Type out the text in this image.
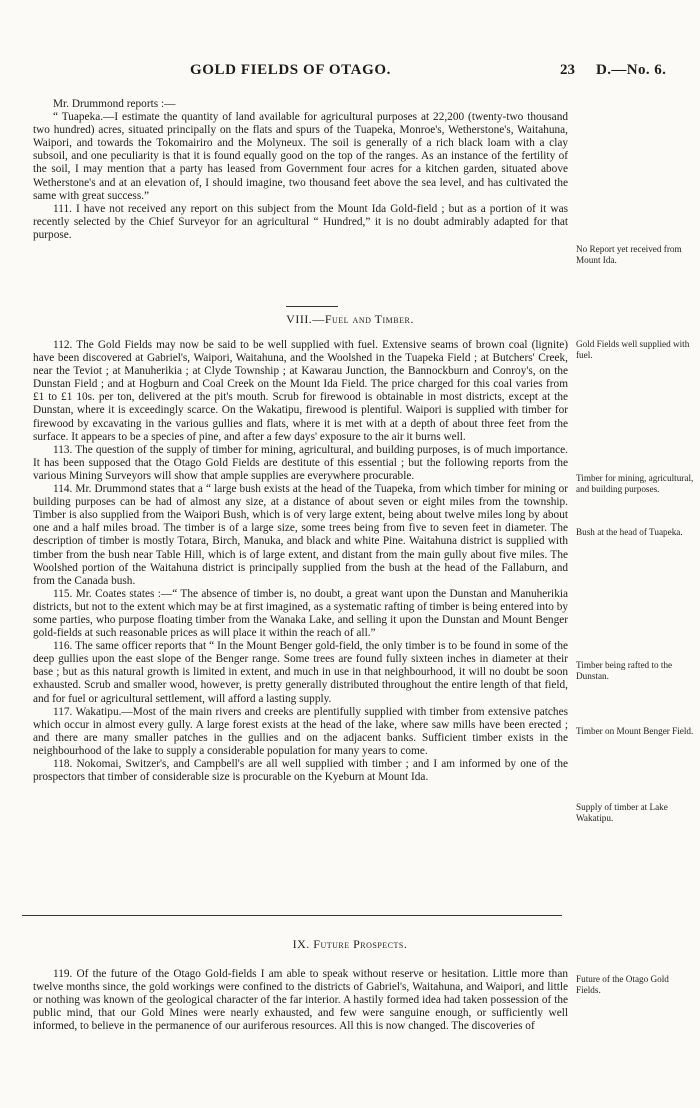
GOLD FIELDS OF OTAGO.	23 D.—No. 6.

Mr. Drummond reports :—

“ Tuapeka.—I estimate the quantity of land available for agricultural purposes at 22,200 (twenty-two thousand two hundred) acres, situated principally on the flats and spurs of the Tuapeka, Monroe's, Wetherstone's, Waitahuna, Waipori, and towards the Tokomairiro and the Molyneux. The soil is generally of a rich black loam with a clay subsoil, and one peculiarity is that it is found equally good on the top of the ranges. As an instance of the fertility of the soil, I may mention that a party has leased from Government four acres for a kitchen garden, situated above Wetherstone's and at an elevation of, I should imagine, two thousand feet above the sea level, and has cultivated the same with great success.”

111. I have not received any report on this subject from the Mount Ida Gold-field ; but as a portion of it was recently selected by the Chief Surveyor for an agricultural “ Hundred,” it is no doubt admirably adapted for that purpose.

No Report yet received from Mount Ida.
VIII.—Fuel and Timber.

112. The Gold Fields may now be said to be well supplied with fuel. Extensive seams of brown coal (lignite) have been discovered at Gabriel's, Waipori, Waitahuna, and the Woolshed in the Tuapeka Field ; at Butchers' Creek, near the Teviot ; at Manuherikia ; at Clyde Township ; at Kawarau Junction, the Bannockburn and Conroy's, on the Dunstan Field ; and at Hogburn and Coal Creek on the Mount Ida Field. The price charged for this coal varies from £1 to £1 10s. per ton, delivered at the pit's mouth. Scrub for firewood is obtainable in most districts, except at the Dunstan, where it is exceedingly scarce. On the Wakatipu, firewood is plentiful. Waipori is supplied with timber for firewood by excavating in the various gullies and flats, where it is met with at a depth of about three feet from the surface. It appears to be a species of pine, and after a few days' exposure to the air it burns well.

113. The question of the supply of timber for mining, agricultural, and building purposes, is of much importance. It has been supposed that the Otago Gold Fields are destitute of this essential ; but the following reports from the various Mining Surveyors will show that ample supplies are everywhere procurable.

114. Mr. Drummond states that a “ large bush exists at the head of the Tuapeka, from which timber for mining or building purposes can be had of almost any size, at a distance of about seven or eight miles from the township. Timber is also supplied from the Waipori Bush, which is of very large extent, being about twelve miles long by about one and a half miles broad. The timber is of a large size, some trees being from five to seven feet in diameter. The description of timber is mostly Totara, Birch, Manuka, and black and white Pine. Waitahuna district is supplied with timber from the bush near Table Hill, which is of large extent, and distant from the main gully about five miles. The Woolshed portion of the Waitahuna district is principally supplied from the bush at the head of the Fallaburn, and from the Canada bush.

115. Mr. Coates states :—“ The absence of timber is, no doubt, a great want upon the Dunstan and Manuherikia districts, but not to the extent which may be at first imagined, as a systematic rafting of timber is being entered into by some parties, who purpose floating timber from the Wanaka Lake, and selling it upon the Dunstan and Mount Benger gold-fields at such reasonable prices as will place it within the reach of all.”

116. The same officer reports that “ In the Mount Benger gold-field, the only timber is to be found in some of the deep gullies upon the east slope of the Benger range. Some trees are found fully sixteen inches in diameter at their base ; but as this natural growth is limited in extent, and much in use in that neighbourhood, it will no doubt be soon exhausted. Scrub and smaller wood, however, is pretty generally distributed throughout the entire length of that field, and for fuel or agricultural settlement, will afford a lasting supply.

117. Wakatipu.—Most of the main rivers and creeks are plentifully supplied with timber from extensive patches which occur in almost every gully. A large forest exists at the head of the lake, where saw mills have been erected ; and there are many smaller patches in the gullies and on the adjacent banks. Sufficient timber exists in the neighbourhood of the lake to supply a considerable population for many years to come.

118. Nokomai, Switzer's, and Campbell's are all well supplied with timber ; and I am informed by one of the prospectors that timber of considerable size is procurable on the Kyeburn at Mount Ida.

Gold Fields well supplied with fuel.
Timber for mining, agricultural, and building purposes.
Bush at the head of Tuapeka.
Timber being rafted to the Dunstan.
Timber on Mount Benger Field.
Supply of timber at Lake Wakatipu.
IX. Future Prospects.

119. Of the future of the Otago Gold-fields I am able to speak without reserve or hesitation. Little more than twelve months since, the gold workings were confined to the districts of Gabriel's, Waitahuna, and Waipori, and little or nothing was known of the geological character of the far interior. A hastily formed idea had taken possession of the public mind, that our Gold Mines were nearly exhausted, and few were sanguine enough, or sufficiently well informed, to believe in the permanence of our auriferous resources. All this is now changed. The discoveries of

Future of the Otago Gold Fields.
